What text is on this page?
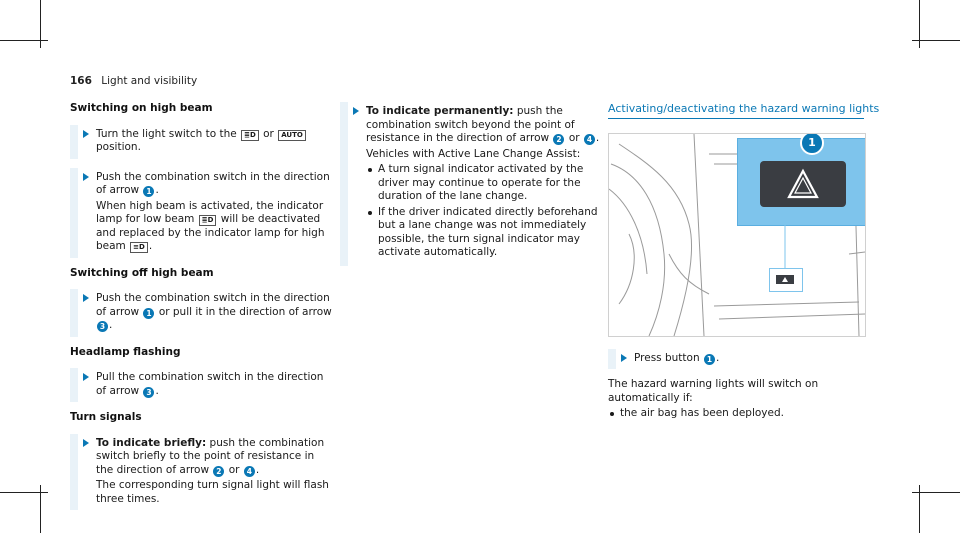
166 Light and visibility
Switching on high beam

Turn the light switch to the ≣D or AUTO position.

Push the combination switch in the direction of arrow 1 .

When high beam is activated, the indicator lamp for low beam ≣D will be deactivated and replaced by the indicator lamp for high beam ≡D .

Switching off high beam

Push the combination switch in the direction of arrow 1 or pull it in the direction of arrow 3 .

Headlamp flashing

Pull the combination switch in the direction of arrow 3 .

Turn signals

To indicate briefly: push the combination switch briefly to the point of resistance in the direction of arrow 2 or 4 .

The corresponding turn signal light will flash three times.

To indicate permanently: push the combination switch beyond the point of resistance in the direction of arrow 2 or 4 .

Vehicles with Active Lane Change Assist:

A turn signal indicator activated by the driver may continue to operate for the duration of the lane change.
If the driver indicated directly beforehand but a lane change was not immediately possible, the turn signal indicator may activate automatically.
Activating/deactivating the hazard warning lights
1

Press button 1 .

The hazard warning lights will switch on automatically if:

the air bag has been deployed.
